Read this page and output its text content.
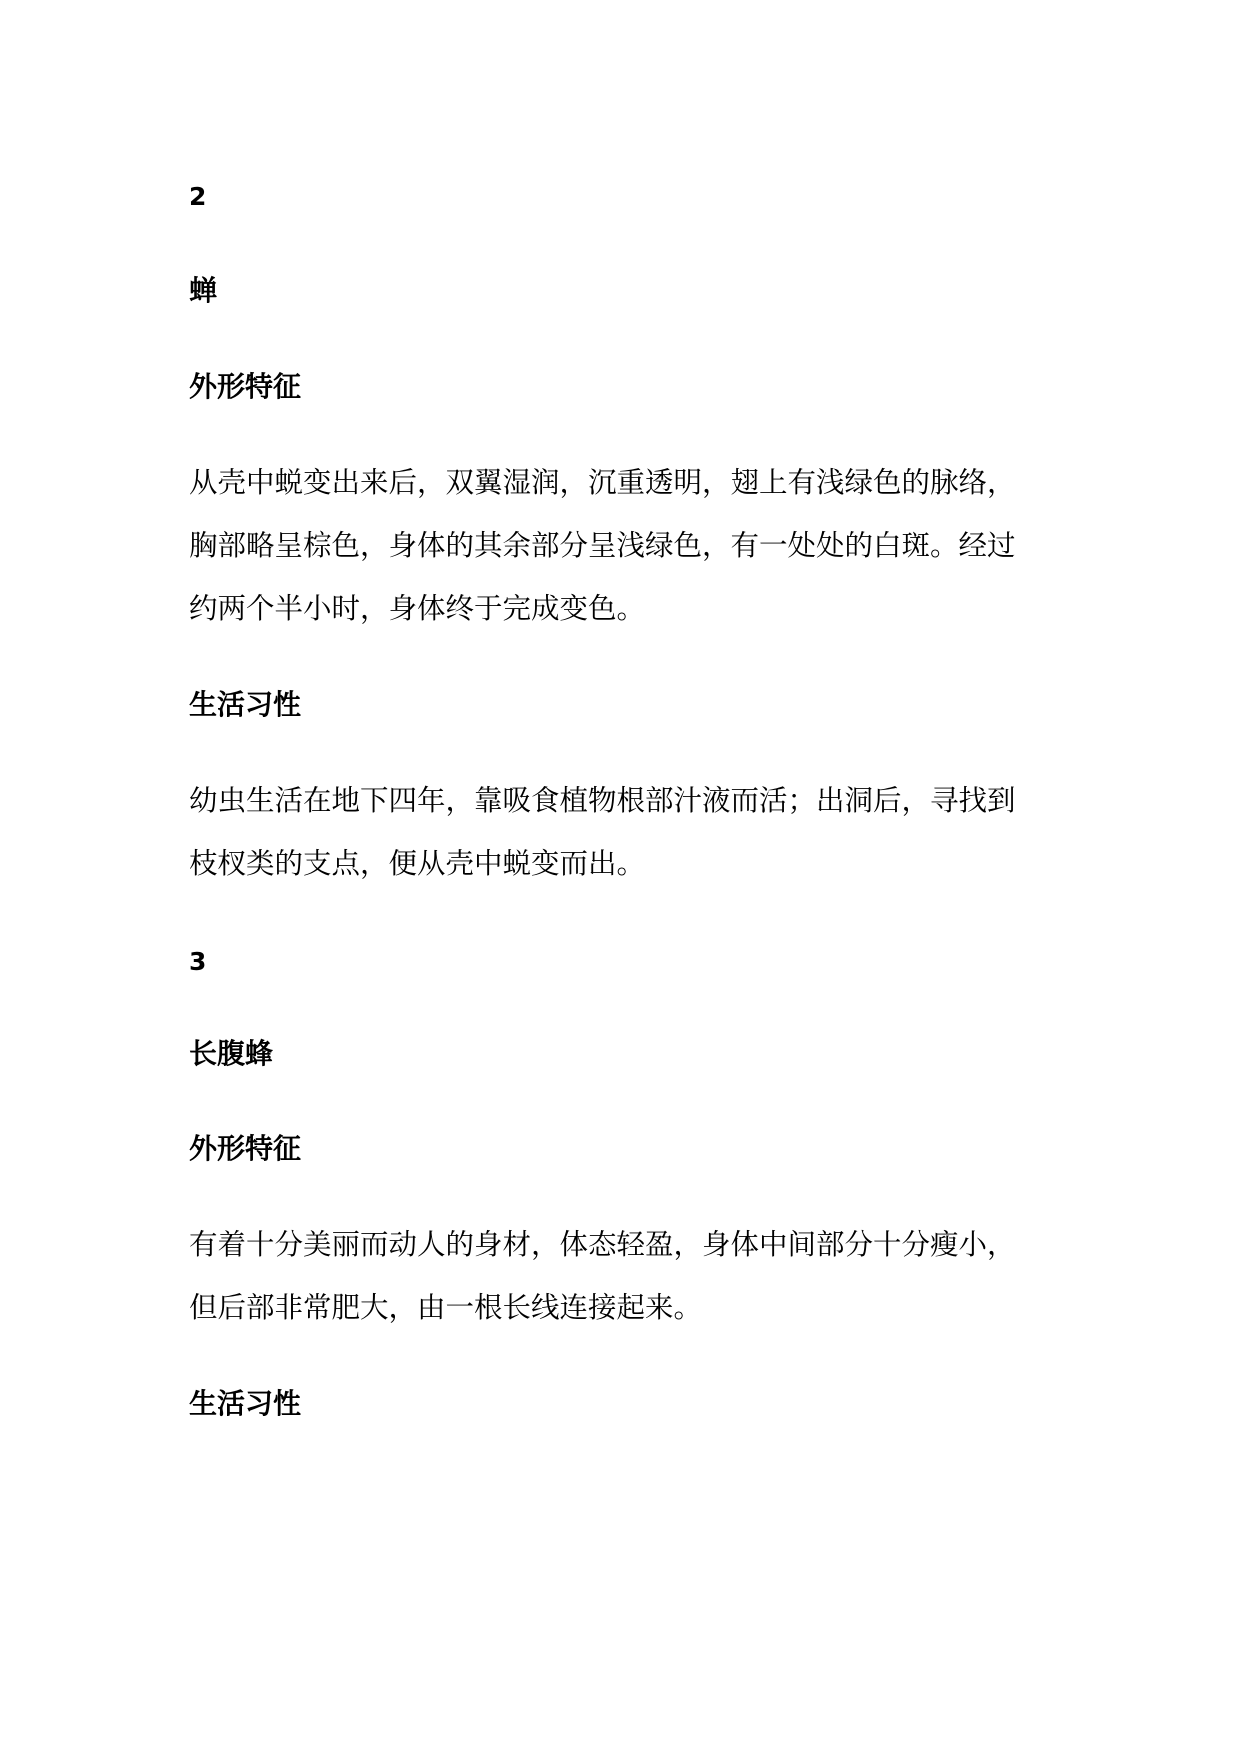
2
蝉
外形特征
从壳中蜕变出来后，双翼湿润，沉重透明，翅上有浅绿色的脉络，
胸部略呈棕色，身体的其余部分呈浅绿色，有一处处的白斑。经过
约两个半小时，身体终于完成变色。
生活习性
幼虫生活在地下四年，靠吸食植物根部汁液而活；出洞后，寻找到
枝杈类的支点，便从壳中蜕变而出。
3
长腹蜂
外形特征
有着十分美丽而动人的身材，体态轻盈，身体中间部分十分瘦小，
但后部非常肥大，由一根长线连接起来。
生活习性
